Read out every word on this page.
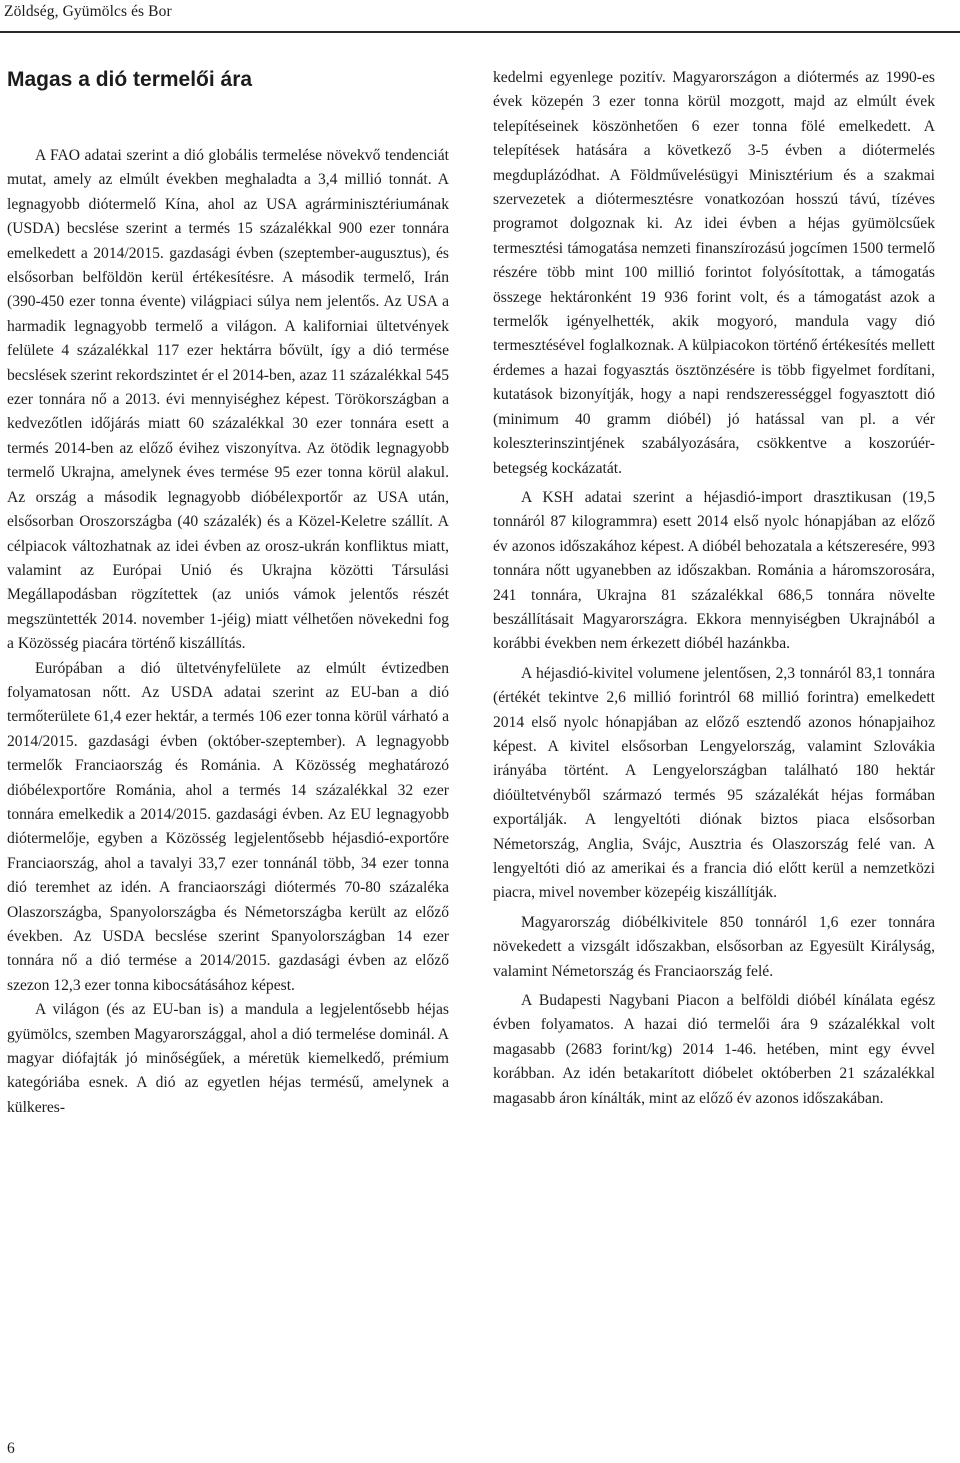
Zöldség, Gyümölcs és Bor
Magas a dió termelői ára

A FAO adatai szerint a dió globális termelése növekvő tendenciát mutat, amely az elmúlt években meghaladta a 3,4 millió tonnát. A legnagyobb diótermelő Kína, ahol az USA agrárminisztériumának (USDA) becslése szerint a termés 15 százalékkal 900 ezer tonnára emelkedett a 2014/2015. gazdasági évben (szeptember-augusztus), és elsősorban belföldön kerül értékesítésre. A második termelő, Irán (390-450 ezer tonna évente) világpiaci súlya nem jelentős. Az USA a harmadik legnagyobb termelő a világon. A kaliforniai ültetvények felülete 4 százalékkal 117 ezer hektárra bővült, így a dió termése becslések szerint rekordszintet ér el 2014-ben, azaz 11 százalékkal 545 ezer tonnára nő a 2013. évi mennyiséghez képest. Törökországban a kedvezőtlen időjárás miatt 60 százalékkal 30 ezer tonnára esett a termés 2014-ben az előző évihez viszonyítva. Az ötödik legnagyobb termelő Ukrajna, amelynek éves termése 95 ezer tonna körül alakul. Az ország a második legnagyobb dióbélexportőr az USA után, elsősorban Oroszországba (40 százalék) és a Közel-Keletre szállít. A célpiacok változhatnak az idei évben az orosz-ukrán konfliktus miatt, valamint az Európai Unió és Ukrajna közötti Társulási Megállapodásban rögzítettek (az uniós vámok jelentős részét megszüntették 2014. november 1-jéig) miatt vélhetően növekedni fog a Közösség piacára történő kiszállítás.

Európában a dió ültetvényfelülete az elmúlt évtizedben folyamatosan nőtt. Az USDA adatai szerint az EU-ban a dió termőterülete 61,4 ezer hektár, a termés 106 ezer tonna körül várható a 2014/2015. gazdasági évben (október-szeptember). A legnagyobb termelők Franciaország és Románia. A Közösség meghatározó dióbélexportőre Románia, ahol a termés 14 százalékkal 32 ezer tonnára emelkedik a 2014/2015. gazdasági évben. Az EU legnagyobb diótermelője, egyben a Közösség legjelentősebb héjasdió-exportőre Franciaország, ahol a tavalyi 33,7 ezer tonnánál több, 34 ezer tonna dió teremhet az idén. A franciaországi diótermés 70-80 százaléka Olaszországba, Spanyolországba és Németországba került az előző években. Az USDA becslése szerint Spanyolországban 14 ezer tonnára nő a dió termése a 2014/2015. gazdasági évben az előző szezon 12,3 ezer tonna kibocsátásához képest.

A világon (és az EU-ban is) a mandula a legjelentősebb héjas gyümölcs, szemben Magyarországgal, ahol a dió termelése dominál. A magyar diófajták jó minőségűek, a méretük kiemelkedő, prémium kategóriába esnek. A dió az egyetlen héjas termésű, amelynek a külkeres-

kedelmi egyenlege pozitív. Magyarországon a diótermés az 1990-es évek közepén 3 ezer tonna körül mozgott, majd az elmúlt évek telepítéseinek köszönhetően 6 ezer tonna fölé emelkedett. A telepítések hatására a következő 3-5 évben a diótermelés megduplázódhat. A Földművelésügyi Minisztérium és a szakmai szervezetek a diótermesztésre vonatkozóan hosszú távú, tízéves programot dolgoznak ki. Az idei évben a héjas gyümölcsűek termesztési támogatása nemzeti finanszírozású jogcímen 1500 termelő részére több mint 100 millió forintot folyósítottak, a támogatás összege hektáronként 19 936 forint volt, és a támogatást azok a termelők igényelhették, akik mogyoró, mandula vagy dió termesztésével foglalkoznak. A külpiacokon történő értékesítés mellett érdemes a hazai fogyasztás ösztönzésére is több figyelmet fordítani, kutatások bizonyítják, hogy a napi rendszerességgel fogyasztott dió (minimum 40 gramm dióbél) jó hatással van pl. a vér koleszterinszintjének szabályozására, csökkentve a koszorúér-betegség kockázatát.

A KSH adatai szerint a héjasdió-import drasztikusan (19,5 tonnáról 87 kilogrammra) esett 2014 első nyolc hónapjában az előző év azonos időszakához képest. A dióbél behozatala a kétszeresére, 993 tonnára nőtt ugyanebben az időszakban. Románia a háromszorosára, 241 tonnára, Ukrajna 81 százalékkal 686,5 tonnára növelte beszállításait Magyarországra. Ekkora mennyiségben Ukrajnából a korábbi években nem érkezett dióbél hazánkba.

A héjasdió-kivitel volumene jelentősen, 2,3 tonnáról 83,1 tonnára (értékét tekintve 2,6 millió forintról 68 millió forintra) emelkedett 2014 első nyolc hónapjában az előző esztendő azonos hónapjaihoz képest. A kivitel elsősorban Lengyelország, valamint Szlovákia irányába történt. A Lengyelországban található 180 hektár dióültetvényből származó termés 95 százalékát héjas formában exportálják. A lengyeltóti diónak biztos piaca elsősorban Németország, Anglia, Svájc, Ausztria és Olaszország felé van. A lengyeltóti dió az amerikai és a francia dió előtt kerül a nemzetközi piacra, mivel november közepéig kiszállítják.

Magyarország dióbélkivitele 850 tonnáról 1,6 ezer tonnára növekedett a vizsgált időszakban, elsősorban az Egyesült Királyság, valamint Németország és Franciaország felé.

A Budapesti Nagybani Piacon a belföldi dióbél kínálata egész évben folyamatos. A hazai dió termelői ára 9 százalékkal volt magasabb (2683 forint/kg) 2014 1-46. hetében, mint egy évvel korábban. Az idén betakarított dióbelet októberben 21 százalékkal magasabb áron kínálták, mint az előző év azonos időszakában.

6
